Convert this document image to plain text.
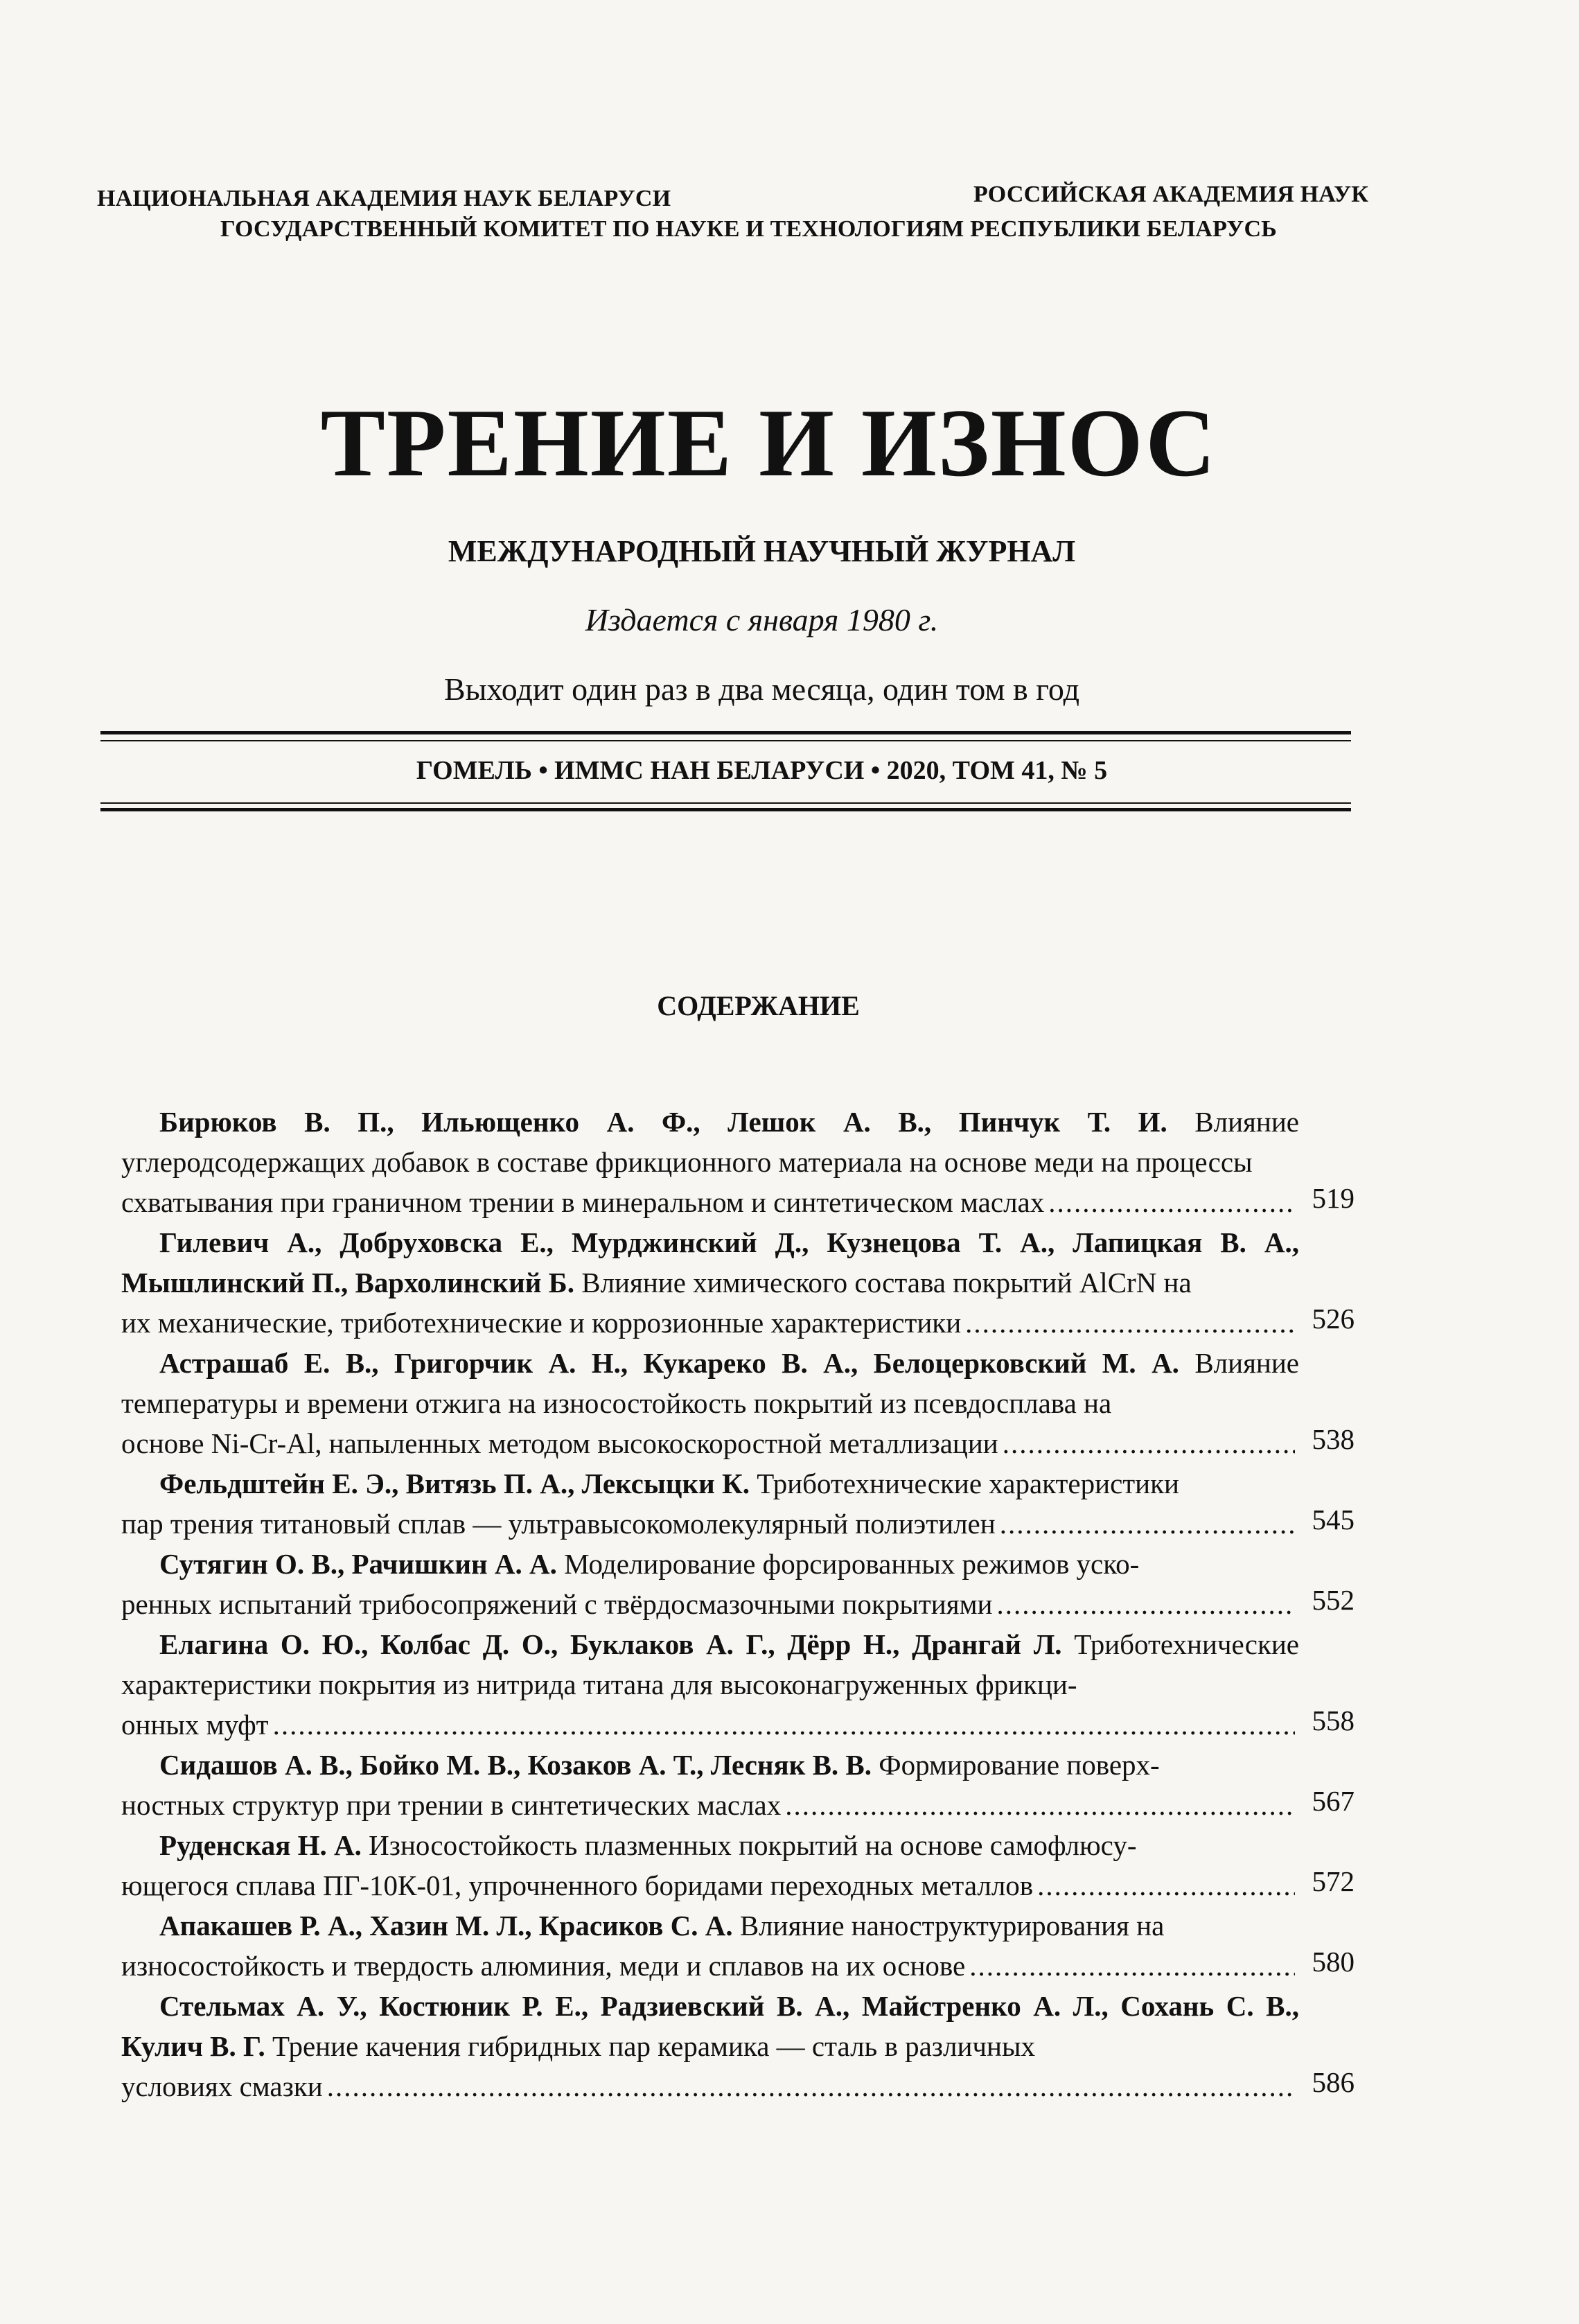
НАЦИОНАЛЬНАЯ АКАДЕМИЯ НАУК БЕЛАРУСИ	РОССИЙСКАЯ АКАДЕМИЯ НАУК
ГОСУДАРСТВЕННЫЙ КОМИТЕТ ПО НАУКЕ И ТЕХНОЛОГИЯМ РЕСПУБЛИКИ БЕЛАРУСЬ
ТРЕНИЕ И ИЗНОС
МЕЖДУНАРОДНЫЙ НАУЧНЫЙ ЖУРНАЛ
Издается с января 1980 г.
Выходит один раз в два месяца, один том в год
ГОМЕЛЬ • ИММС НАН БЕЛАРУСИ • 2020, ТОМ 41, № 5
СОДЕРЖАНИЕ
Бирюков В. П., Ильющенко А. Ф., Лешок А. В., Пинчук Т. И. Влияние углеродсодержащих добавок в составе фрикционного материала на основе меди на процессы
схватывания при граничном трении в минеральном и синтетическом маслах .....	519
Гилевич А., Добруховска Е., Мурджинский Д., Кузнецова Т. А., Лапицкая В. А., Мышлинский П., Вархолинский Б. Влияние химического состава покрытий AlCrN на
их механические, триботехнические и коррозионные характеристики .....	526
Астрашаб Е. В., Григорчик А. Н., Кукареко В. А., Белоцерковский М. А. Влияние температуры и времени отжига на износостойкость покрытий из псевдосплава на
основе Ni-Cr-Al, напыленных методом высокоскоростной металлизации .....	538
Фельдштейн Е. Э., Витязь П. А., Лексыцки К. Триботехнические характеристики
пар трения титановый сплав — ультравысокомолекулярный полиэтилен .....	545
Сутягин О. В., Рачишкин А. А. Моделирование форсированных режимов уско-
ренных испытаний трибосопряжений с твёрдосмазочными покрытиями .....	552
Елагина О. Ю., Колбас Д. О., Буклаков А. Г., Дёрр Н., Дрангай Л. Триботехнические характеристики покрытия из нитрида титана для высоконагруженных фрикци-
онных муфт .....	558
Сидашов А. В., Бойко М. В., Козаков А. Т., Лесняк В. В. Формирование поверх-
ностных структур при трении в синтетических маслах .....	567
Руденская Н. А. Износостойкость плазменных покрытий на основе самофлюсу-
ющегося сплава ПГ-10К-01, упрочненного боридами переходных металлов .....	572
Апакашев Р. А., Хазин М. Л., Красиков С. А. Влияние наноструктурирования на
износостойкость и твердость алюминия, меди и сплавов на их основе .....	580
Стельмах А. У., Костюник Р. Е., Радзиевский В. А., Майстренко А. Л., Сохань С. В., Кулич В. Г. Трение качения гибридных пар керамика — сталь в различных
условиях смазки .....	586
